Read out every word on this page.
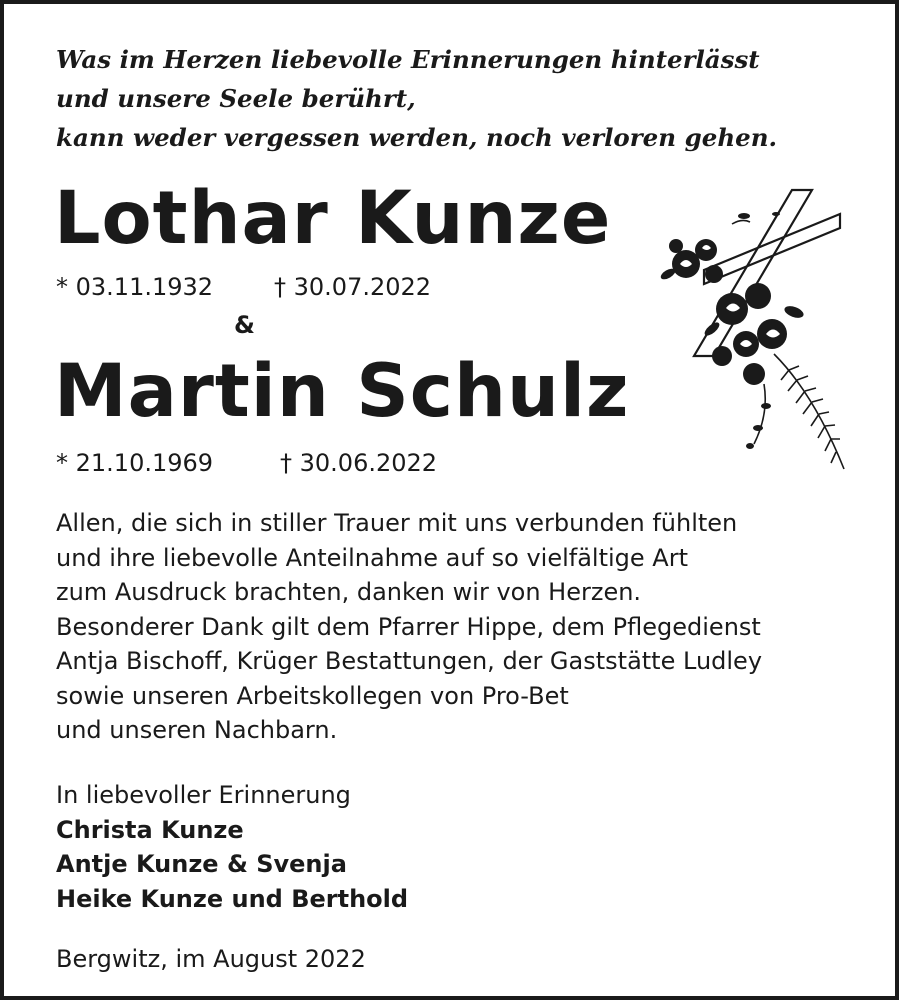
Was im Herzen liebevolle Erinnerungen hinterlässt
und unsere Seele berührt,
kann weder vergessen werden, noch verloren gehen.

Lothar Kunze
* 03.11.1932	† 30.07.2022
&
Martin Schulz
* 21.10.1969	† 30.06.2022

Allen, die sich in stiller Trauer mit uns verbunden fühlten
und ihre liebevolle Anteilnahme auf so vielfältige Art
zum Ausdruck brachten, danken wir von Herzen.
Besonderer Dank gilt dem Pfarrer Hippe, dem Pflegedienst
Antja Bischoff, Krüger Bestattungen, der Gaststätte Ludley
sowie unseren Arbeitskollegen von Pro-Bet
und unseren Nachbarn.

In liebevoller Erinnerung
Christa Kunze
Antje Kunze & Svenja
Heike Kunze und Berthold
Bergwitz, im August 2022
